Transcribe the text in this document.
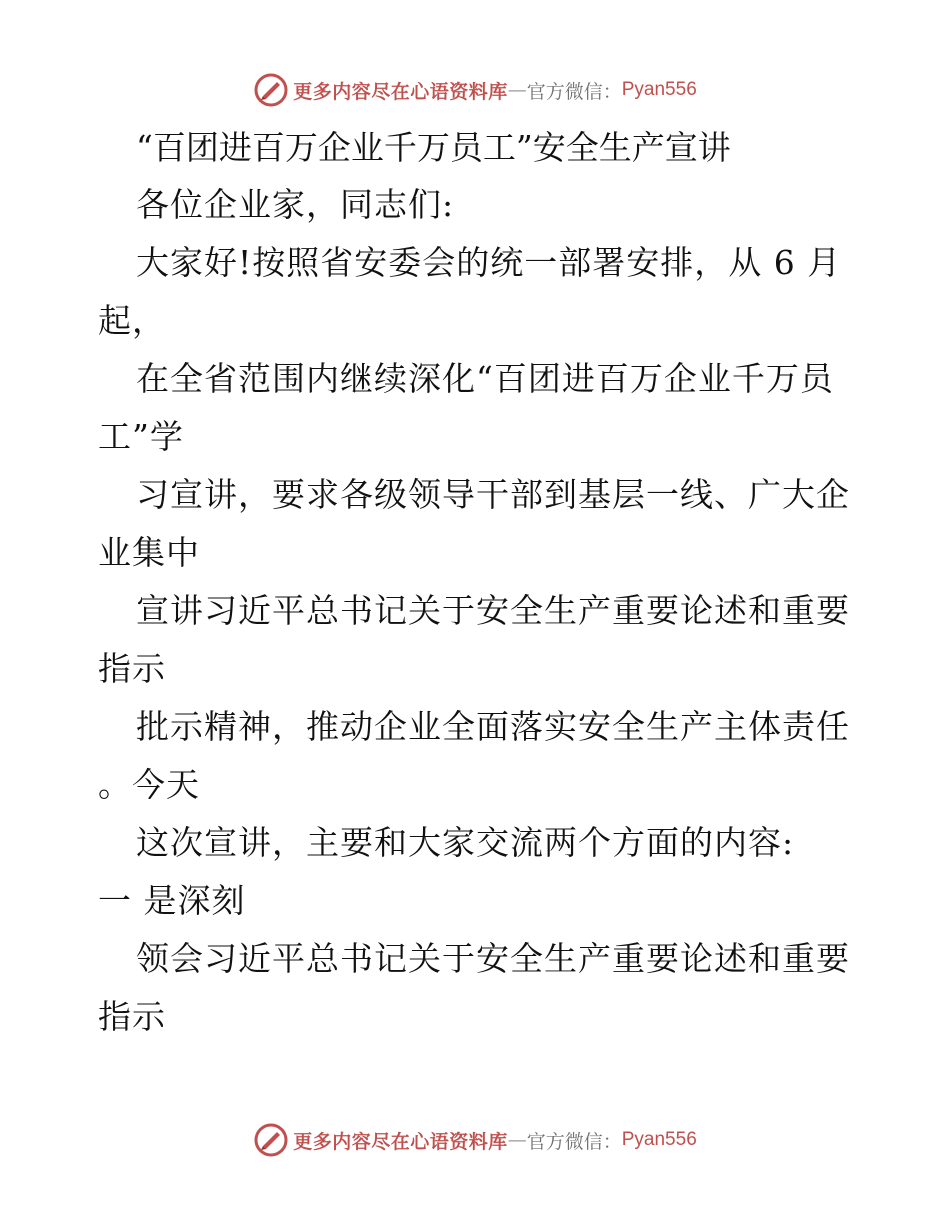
更多内容尽在心语资料库 — 官方微信： Pyan556
“百团进百万企业千万员工”安全生产宣讲

各位企业家，同志们:

大家好!按照省安委会的统一部署安排，从 6 月
起，

在全省范围内继续深化“百团进百万企业千万员
工”学

习宣讲，要求各级领导干部到基层一线、广大企
业集中

宣讲习近平总书记关于安全生产重要论述和重要
指示

批示精神，推动企业全面落实安全生产主体责任
。今天

这次宣讲，主要和大家交流两个方面的内容:
一 是深刻

领会习近平总书记关于安全生产重要论述和重要
指示

更多内容尽在心语资料库 — 官方微信： Pyan556
